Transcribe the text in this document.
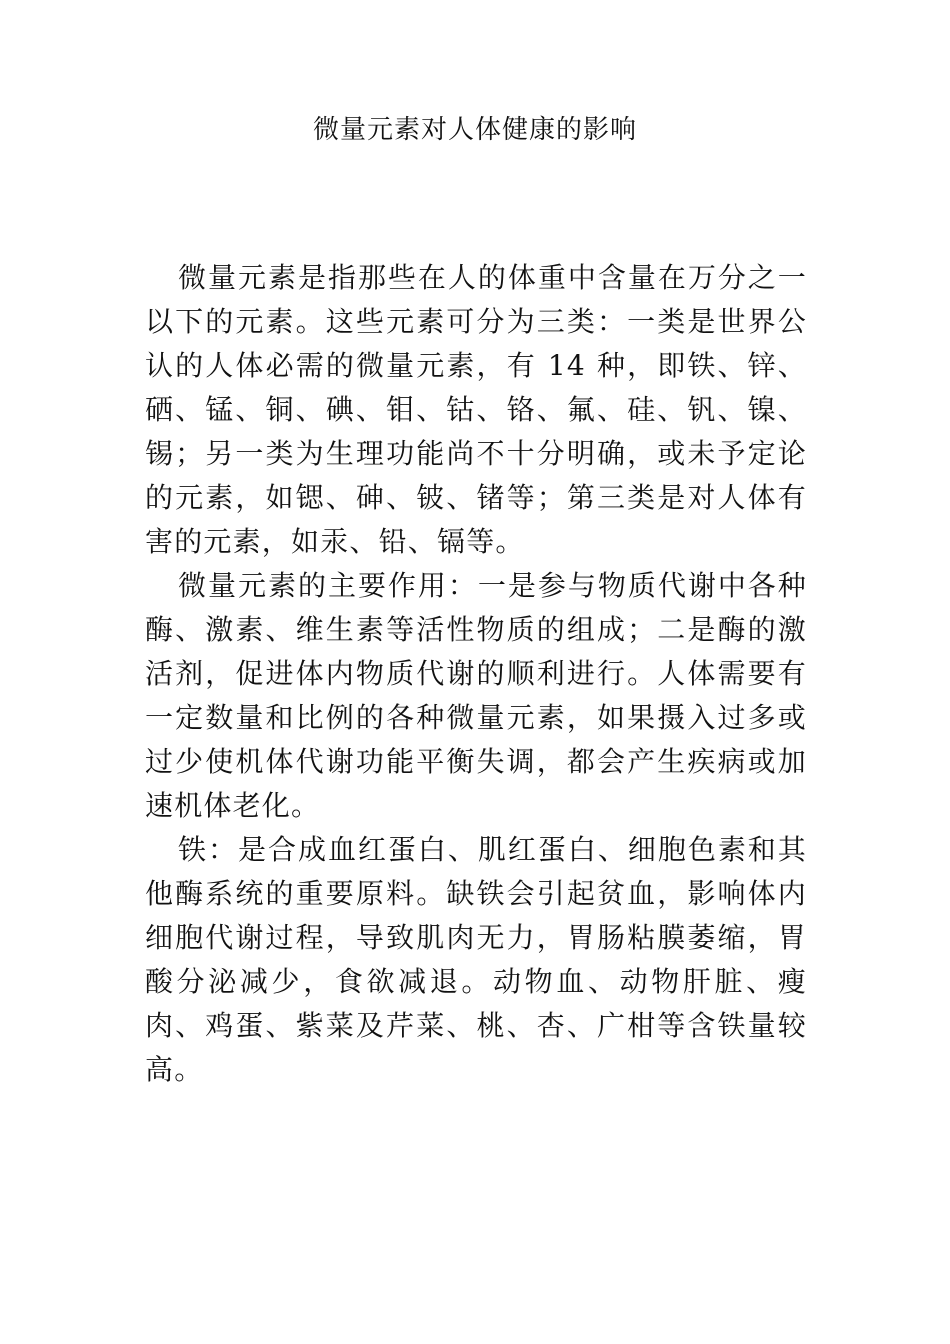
微量元素对人体健康的影响

微量元素是指那些在人的体重中含量在万分之一以下的元素。这些元素可分为三类：一类是世界公认的人体必需的微量元素，有 14 种，即铁、锌、硒、锰、铜、碘、钼、钴、铬、氟、硅、钒、镍、锡；另一类为生理功能尚不十分明确，或未予定论的元素，如锶、砷、铍、锗等；第三类是对人体有害的元素，如汞、铅、镉等。

微量元素的主要作用：一是参与物质代谢中各种酶、激素、维生素等活性物质的组成；二是酶的激活剂，促进体内物质代谢的顺利进行。人体需要有一定数量和比例的各种微量元素，如果摄入过多或过少使机体代谢功能平衡失调，都会产生疾病或加速机体老化。

铁：是合成血红蛋白、肌红蛋白、细胞色素和其他酶系统的重要原料。缺铁会引起贫血，影响体内细胞代谢过程，导致肌肉无力，胃肠粘膜萎缩，胃酸分泌减少，食欲减退。动物血、动物肝脏、瘦肉、鸡蛋、紫菜及芹菜、桃、杏、广柑等含铁量较高。
